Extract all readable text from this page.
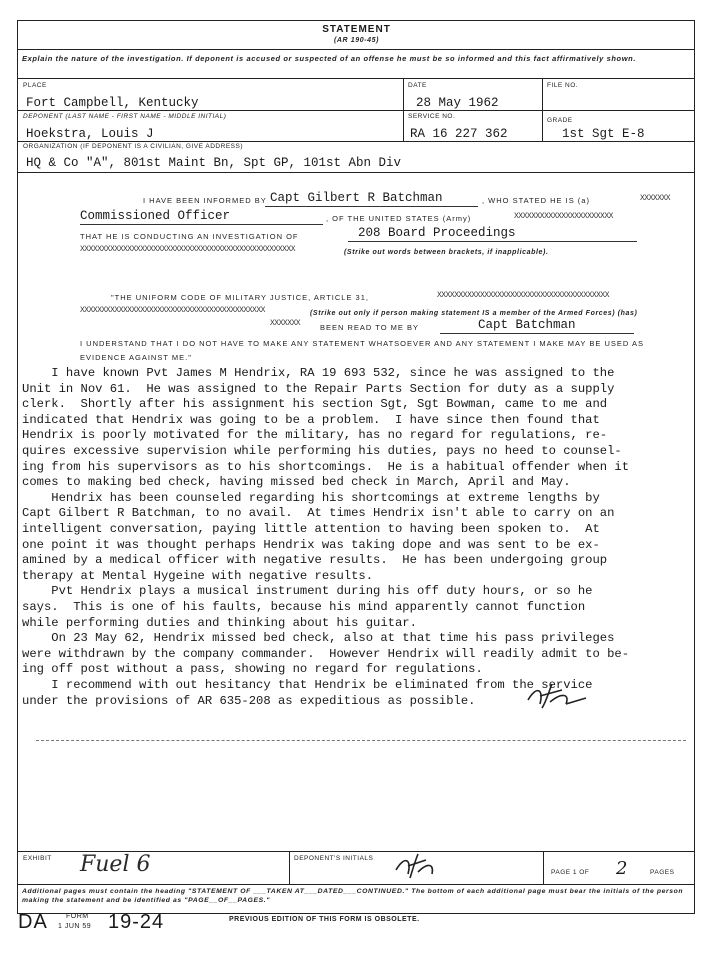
STATEMENT
(AR 190-45)
Explain the nature of the investigation. If deponent is accused or suspected of an offense he must be so informed and this fact affirmatively shown.
PLACE	DATE	FILE NO.
Fort Campbell, Kentucky	28 May 1962
DEPONENT (LAST NAME - FIRST NAME - MIDDLE INITIAL)	SERVICE NO.
GRADE
Hoekstra, Louis J	RA 16 227 362	1st Sgt E-8
ORGANIZATION (IF DEPONENT IS A CIVILIAN, GIVE ADDRESS)
HQ & Co "A", 801st Maint Bn, Spt GP, 101st Abn Div
I HAVE BEEN INFORMED BY Capt Gilbert R Batchman	, WHO STATED HE IS (a)	XXXXXXX
Commissioned Officer	, OF THE UNITED STATES (Army)	XXXXXXXXXXXXXXXXXXXXXXX
THAT HE IS CONDUCTING AN INVESTIGATION OF	208 Board Proceedings
XXXXXXXXXXXXXXXXXXXXXXXXXXXXXXXXXXXXXXXXXXXXXXXXXX	(Strike out words between brackets, if inapplicable).
"THE UNIFORM CODE OF MILITARY JUSTICE, ARTICLE 31,	XXXXXXXXXXXXXXXXXXXXXXXXXXXXXXXXXXXXXXXX
XXXXXXXXXXXXXXXXXXXXXXXXXXXXXXXXXXXXXXXXXXX	(Strike out only if person making statement IS a member of the Armed Forces) (has)
XXXXXXX	BEEN READ TO ME BY	Capt Batchman
I UNDERSTAND THAT I DO NOT HAVE TO MAKE ANY STATEMENT WHATSOEVER AND ANY STATEMENT I MAKE MAY BE USED AS EVIDENCE AGAINST ME."
I have known Pvt James M Hendrix, RA 19 693 532, since he was assigned to the
Unit in Nov 61.  He was assigned to the Repair Parts Section for duty as a supply
clerk.  Shortly after his assignment his section Sgt, Sgt Bowman, came to me and
indicated that Hendrix was going to be a problem.  I have since then found that
Hendrix is poorly motivated for the military, has no regard for regulations, re-
quires excessive supervision while performing his duties, pays no heed to counsel-
ing from his supervisors as to his shortcomings.  He is a habitual offender when it
comes to making bed check, having missed bed check in March, April and May.
Hendrix has been counseled regarding his shortcomings at extreme lengths by
Capt Gilbert R Batchman, to no avail.  At times Hendrix isn't able to carry on an
intelligent conversation, paying little attention to having been spoken to.  At
one point it was thought perhaps Hendrix was taking dope and was sent to be ex-
amined by a medical officer with negative results.  He has been undergoing group
therapy at Mental Hygeine with negative results.
Pvt Hendrix plays a musical instrument during his off duty hours, or so he
says.  This is one of his faults, because his mind apparently cannot function
while performing duties and thinking about his guitar.
On 23 May 62, Hendrix missed bed check, also at that time his pass privileges
were withdrawn by the company commander.  However Hendrix will readily admit to be-
ing off post without a pass, showing no regard for regulations.
I recommend with out hesitancy that Hendrix be eliminated from the service
under the provisions of AR 635-208 as expeditious as possible.
EXHIBIT Fuel 6	DEPONENT'S INITIALS
PAGE 1 OF 2	PAGES
Additional pages must contain the heading "STATEMENT OF ___TAKEN AT___DATED___CONTINUED." The bottom of each additional page must bear the initials of the person making the statement and be identified as "PAGE__OF__PAGES."
DA	FORM
1 JUN 59 19-24	PREVIOUS EDITION OF THIS FORM IS OBSOLETE.
